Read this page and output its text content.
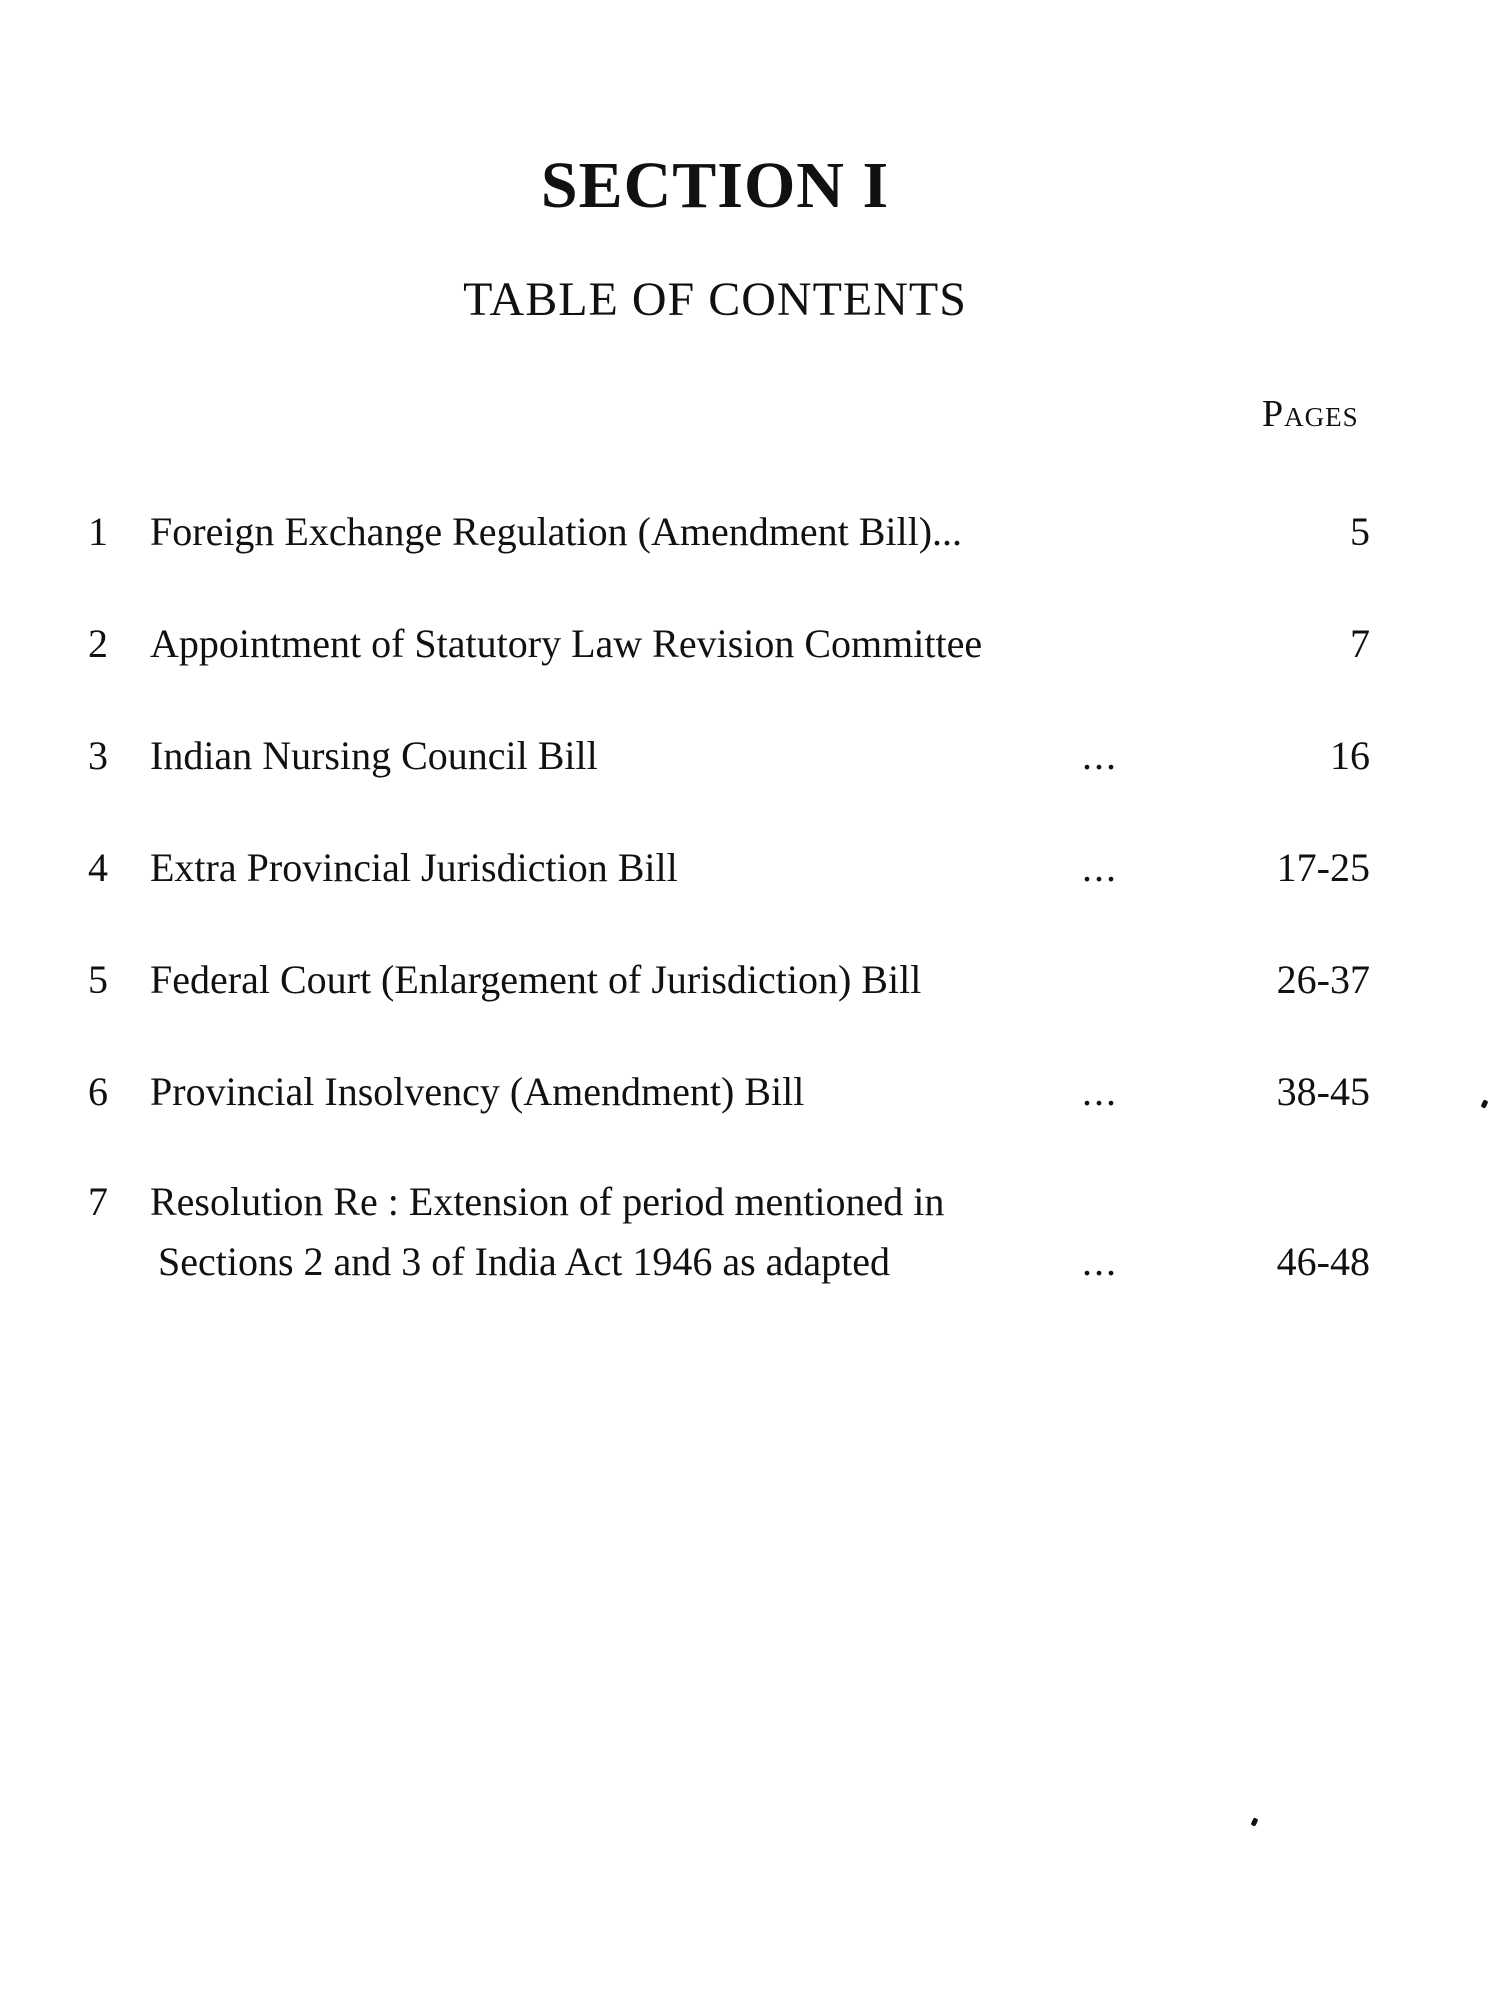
SECTION I
TABLE OF CONTENTS
Pages
1	Foreign Exchange Regulation (Amendment Bill)...	5
2	Appointment of Statutory Law Revision Committee	7
3	Indian Nursing Council Bill	...	16
4	Extra Provincial Jurisdiction Bill	...	17-25
5	Federal Court (Enlargement of Jurisdiction) Bill	26-37
6	Provincial Insolvency (Amendment) Bill	...	38-45
7	Resolution Re : Extension of period mentioned in
Sections 2 and 3 of India Act 1946 as adapted	...	46-48
